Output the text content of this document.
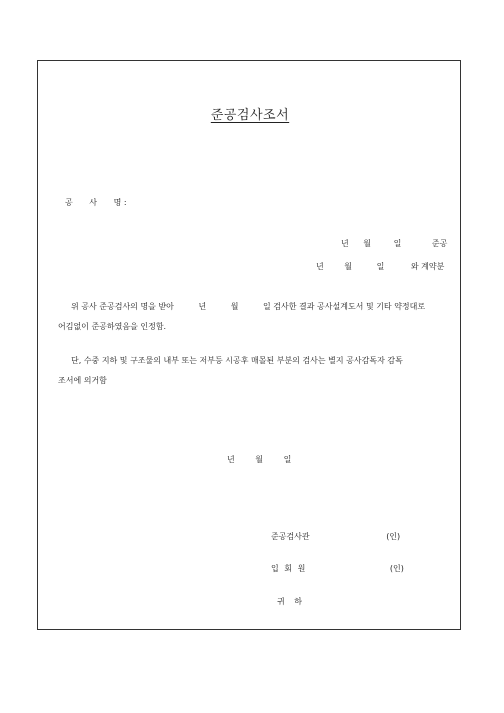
준공검사조서
공 사 명 :
년 월	일	준공
년	월	일	와 계약분
위 공사 준공검사의 명을 받아	년	월	일 검사한 결과 공사설계도서 및 기타 약정대로
어김없이 준공하였음을 인정함.
단, 수중 지하 및 구조물의 내부 또는 저부등 시공후 매몰된 부분의 검사는 별지 공사감독자 감독
조서에 의거함
년	월	일
준공검사관	(인)
입 회 원	(인)
귀 하
